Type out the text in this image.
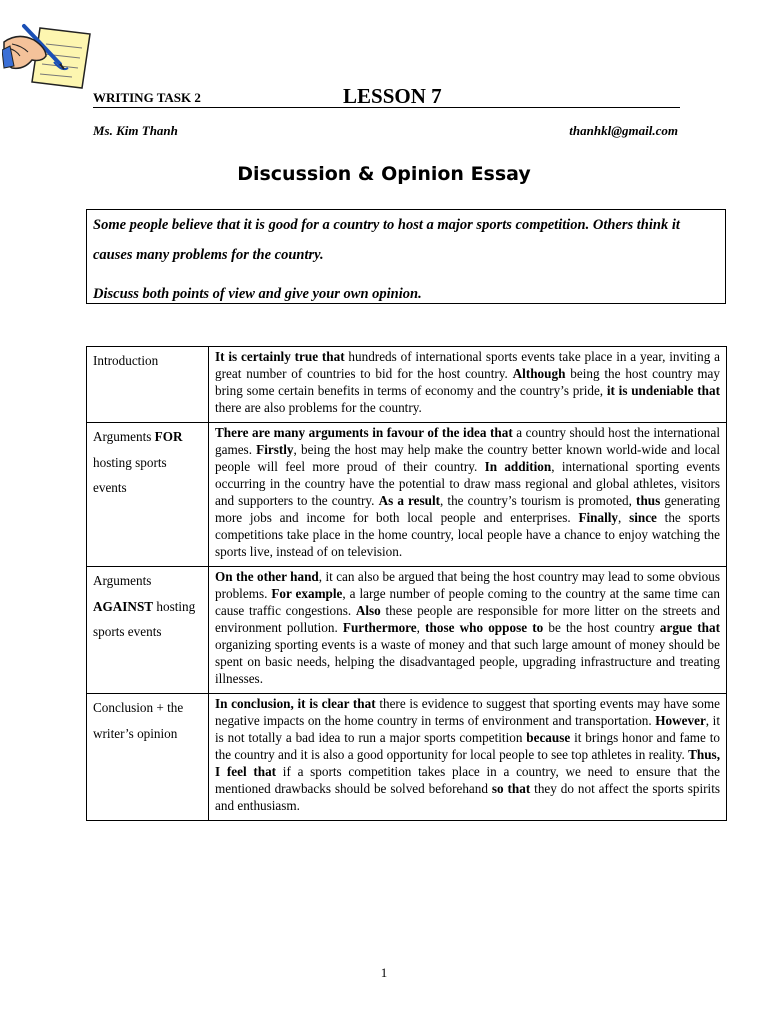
WRITING TASK 2	LESSON 7
Ms. Kim Thanh	thanhkl@gmail.com
Discussion & Opinion Essay

Some people believe that it is good for a country to host a major sports competition. Others think it causes many problems for the country.

Discuss both points of view and give your own opinion.

Introduction	It is certainly true that hundreds of international sports events take place in a year, inviting a great number of countries to bid for the host country. Although being the host country may bring some certain benefits in terms of economy and the country’s pride, it is undeniable that there are also problems for the country.
Arguments FOR hosting sports events	There are many arguments in favour of the idea that a country should host the international games. Firstly, being the host may help make the country better known world-wide and local people will feel more proud of their country. In addition, international sporting events occurring in the country have the potential to draw mass regional and global athletes, visitors and supporters to the country. As a result, the country’s tourism is promoted, thus generating more jobs and income for both local people and enterprises. Finally, since the sports competitions take place in the home country, local people have a chance to enjoy watching the sports live, instead of on television.
Arguments AGAINST hosting sports events	On the other hand, it can also be argued that being the host country may lead to some obvious problems. For example, a large number of people coming to the country at the same time can cause traffic congestions. Also these people are responsible for more litter on the streets and environment pollution. Furthermore, those who oppose to be the host country argue that organizing sporting events is a waste of money and that such large amount of money should be spent on basic needs, helping the disadvantaged people, upgrading infrastructure and treating illnesses.
Conclusion + the writer’s opinion	In conclusion, it is clear that there is evidence to suggest that sporting events may have some negative impacts on the home country in terms of environment and transportation. However, it is not totally a bad idea to run a major sports competition because it brings honor and fame to the country and it is also a good opportunity for local people to see top athletes in reality. Thus, I feel that if a sports competition takes place in a country, we need to ensure that the mentioned drawbacks should be solved beforehand so that they do not affect the sports spirits and enthusiasm.
1
